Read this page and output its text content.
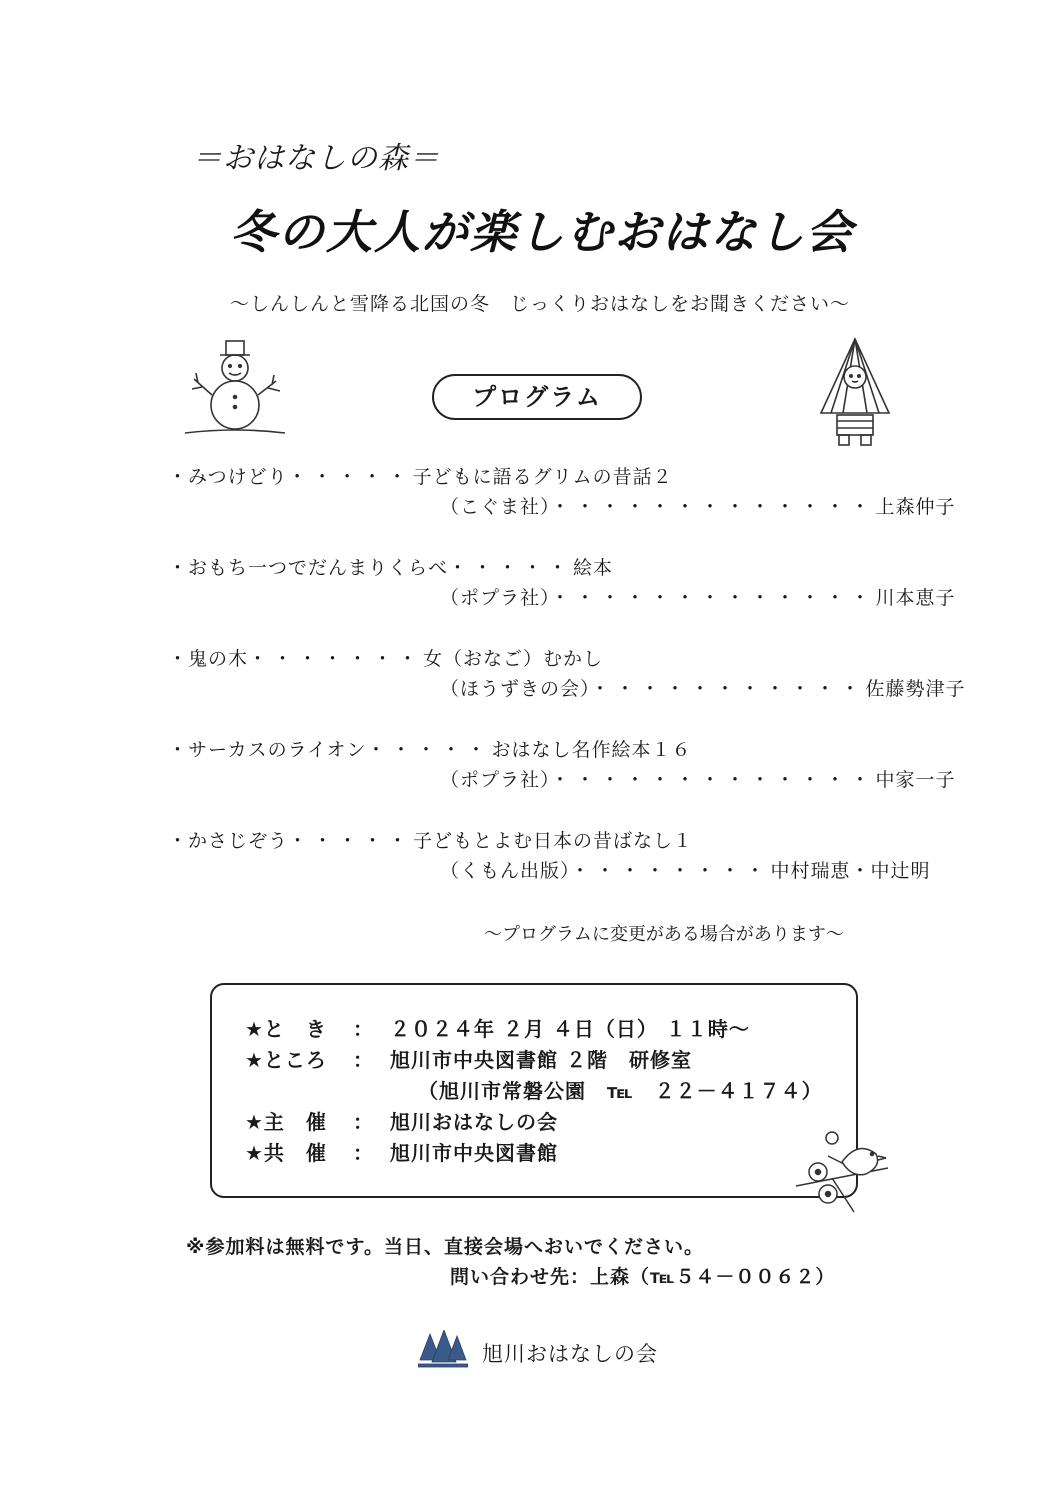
＝おはなしの森＝
冬の大人が楽しむおはなし会
～しんしんと雪降る北国の冬　じっくりおはなしをお聞きください～
プログラム
・みつけどり・・・・・子どもに語るグリムの昔話２
（こぐま社）・・・・・・・・・・・・・上森仲子
・おもち一つでだんまりくらべ・・・・・絵本
（ポプラ社）・・・・・・・・・・・・・川本恵子
・鬼の木・・・・・・・女（おなご）むかし
（ほうずきの会）・・・・・・・・・・・佐藤勢津子
・サーカスのライオン・・・・・おはなし名作絵本１６
（ポプラ社）・・・・・・・・・・・・・中家一子
・かさじぞう・・・・・子どもとよむ日本の昔ばなし１
（くもん出版）・・・・・・・・中村瑞恵・中辻明
～プログラムに変更がある場合があります～
★と　き ： ２０２４年 ２月 ４日（日） １１時～
★ところ ： 旭川市中央図書館 ２階　研修室
（旭川市常磐公園　℡　２２－４１７４）
★主　催 ： 旭川おはなしの会
★共　催 ： 旭川市中央図書館
※参加料は無料です。当日、直接会場へおいでください。
問い合わせ先：上森（℡５４－００６２）
旭川おはなしの会
